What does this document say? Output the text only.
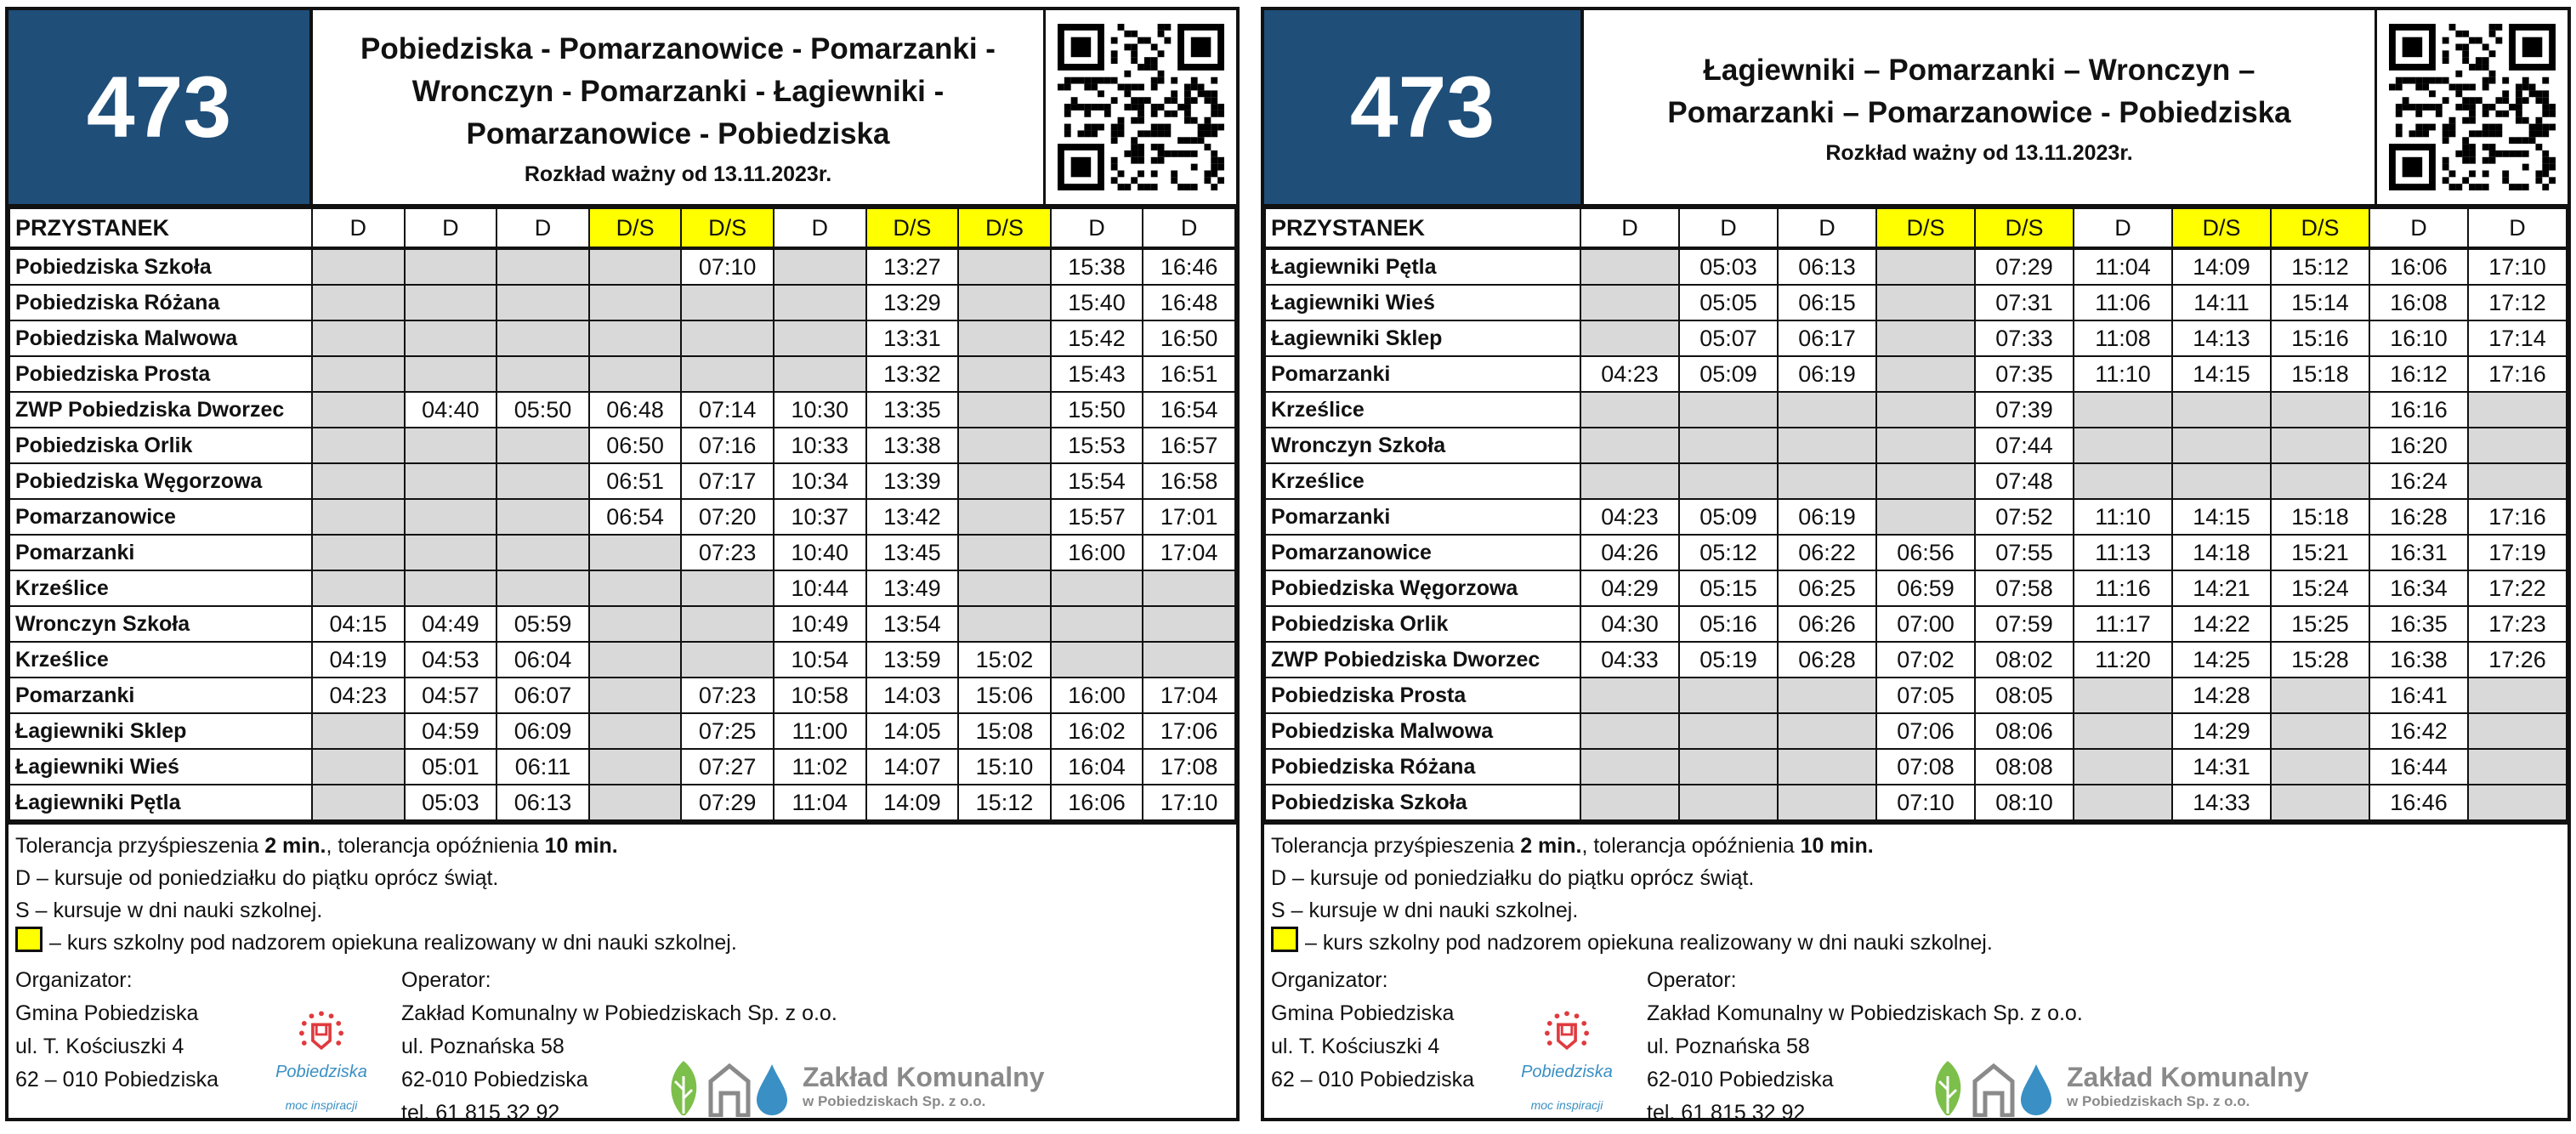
473
Pobiedziska - Pomarzanowice - Pomarzanki -
Wronczyn - Pomarzanki - Łagiewniki -
Pomarzanowice - Pobiedziska
Rozkład ważny od 13.11.2023r.
PRZYSTANEK	D	D	D	D/S	D/S	D	D/S	D/S	D	D
Pobiedziska Szkoła					07:10		13:27		15:38	16:46
Pobiedziska Różana							13:29		15:40	16:48
Pobiedziska Malwowa							13:31		15:42	16:50
Pobiedziska Prosta							13:32		15:43	16:51
ZWP Pobiedziska Dworzec		04:40	05:50	06:48	07:14	10:30	13:35		15:50	16:54
Pobiedziska Orlik				06:50	07:16	10:33	13:38		15:53	16:57
Pobiedziska Węgorzowa				06:51	07:17	10:34	13:39		15:54	16:58
Pomarzanowice				06:54	07:20	10:37	13:42		15:57	17:01
Pomarzanki					07:23	10:40	13:45		16:00	17:04
Krześlice						10:44	13:49			
Wronczyn Szkoła	04:15	04:49	05:59			10:49	13:54			
Krześlice	04:19	04:53	06:04			10:54	13:59	15:02		
Pomarzanki	04:23	04:57	06:07		07:23	10:58	14:03	15:06	16:00	17:04
Łagiewniki Sklep		04:59	06:09		07:25	11:00	14:05	15:08	16:02	17:06
Łagiewniki Wieś		05:01	06:11		07:27	11:02	14:07	15:10	16:04	17:08
Łagiewniki Pętla		05:03	06:13		07:29	11:04	14:09	15:12	16:06	17:10
Tolerancja przyśpieszenia 2 min., tolerancja opóźnienia 10 min.
D – kursuje od poniedziałku do piątku oprócz świąt.
S – kursuje w dni nauki szkolnej.
– kurs szkolny pod nadzorem opiekuna realizowany w dni nauki szkolnej.
Organizator:
Gmina Pobiedziska
ul. T. Kościuszki 4
62 – 010 Pobiedziska	Pobiedziska
moc inspiracji
Operator:
Zakład Komunalny w Pobiedziskach Sp. z o.o.
ul. Poznańska 58
62-010 Pobiedziska
tel. 61 815 32 92
Zakład Komunalny
w Pobiedziskach Sp. z o.o.
473	Łagiewniki – Pomarzanki – Wronczyn –
Pomarzanki – Pomarzanowice - Pobiedziska
Rozkład ważny od 13.11.2023r.
PRZYSTANEK	D	D	D	D/S	D/S	D	D/S	D/S	D	D
Łagiewniki Pętla		05:03	06:13		07:29	11:04	14:09	15:12	16:06	17:10
Łagiewniki Wieś		05:05	06:15		07:31	11:06	14:11	15:14	16:08	17:12
Łagiewniki Sklep		05:07	06:17		07:33	11:08	14:13	15:16	16:10	17:14
Pomarzanki	04:23	05:09	06:19		07:35	11:10	14:15	15:18	16:12	17:16
Krześlice					07:39				16:16	
Wronczyn Szkoła					07:44				16:20	
Krześlice					07:48				16:24	
Pomarzanki	04:23	05:09	06:19		07:52	11:10	14:15	15:18	16:28	17:16
Pomarzanowice	04:26	05:12	06:22	06:56	07:55	11:13	14:18	15:21	16:31	17:19
Pobiedziska Węgorzowa	04:29	05:15	06:25	06:59	07:58	11:16	14:21	15:24	16:34	17:22
Pobiedziska Orlik	04:30	05:16	06:26	07:00	07:59	11:17	14:22	15:25	16:35	17:23
ZWP Pobiedziska Dworzec	04:33	05:19	06:28	07:02	08:02	11:20	14:25	15:28	16:38	17:26
Pobiedziska Prosta				07:05	08:05		14:28		16:41	
Pobiedziska Malwowa				07:06	08:06		14:29		16:42	
Pobiedziska Różana				07:08	08:08		14:31		16:44	
Pobiedziska Szkoła				07:10	08:10		14:33		16:46	
Tolerancja przyśpieszenia 2 min., tolerancja opóźnienia 10 min.
D – kursuje od poniedziałku do piątku oprócz świąt.
S – kursuje w dni nauki szkolnej.
– kurs szkolny pod nadzorem opiekuna realizowany w dni nauki szkolnej.
Organizator:
Gmina Pobiedziska
ul. T. Kościuszki 4
62 – 010 Pobiedziska	Pobiedziska
moc inspiracji
Operator:
Zakład Komunalny w Pobiedziskach Sp. z o.o.
ul. Poznańska 58
62-010 Pobiedziska
tel. 61 815 32 92
Zakład Komunalny
w Pobiedziskach Sp. z o.o.
